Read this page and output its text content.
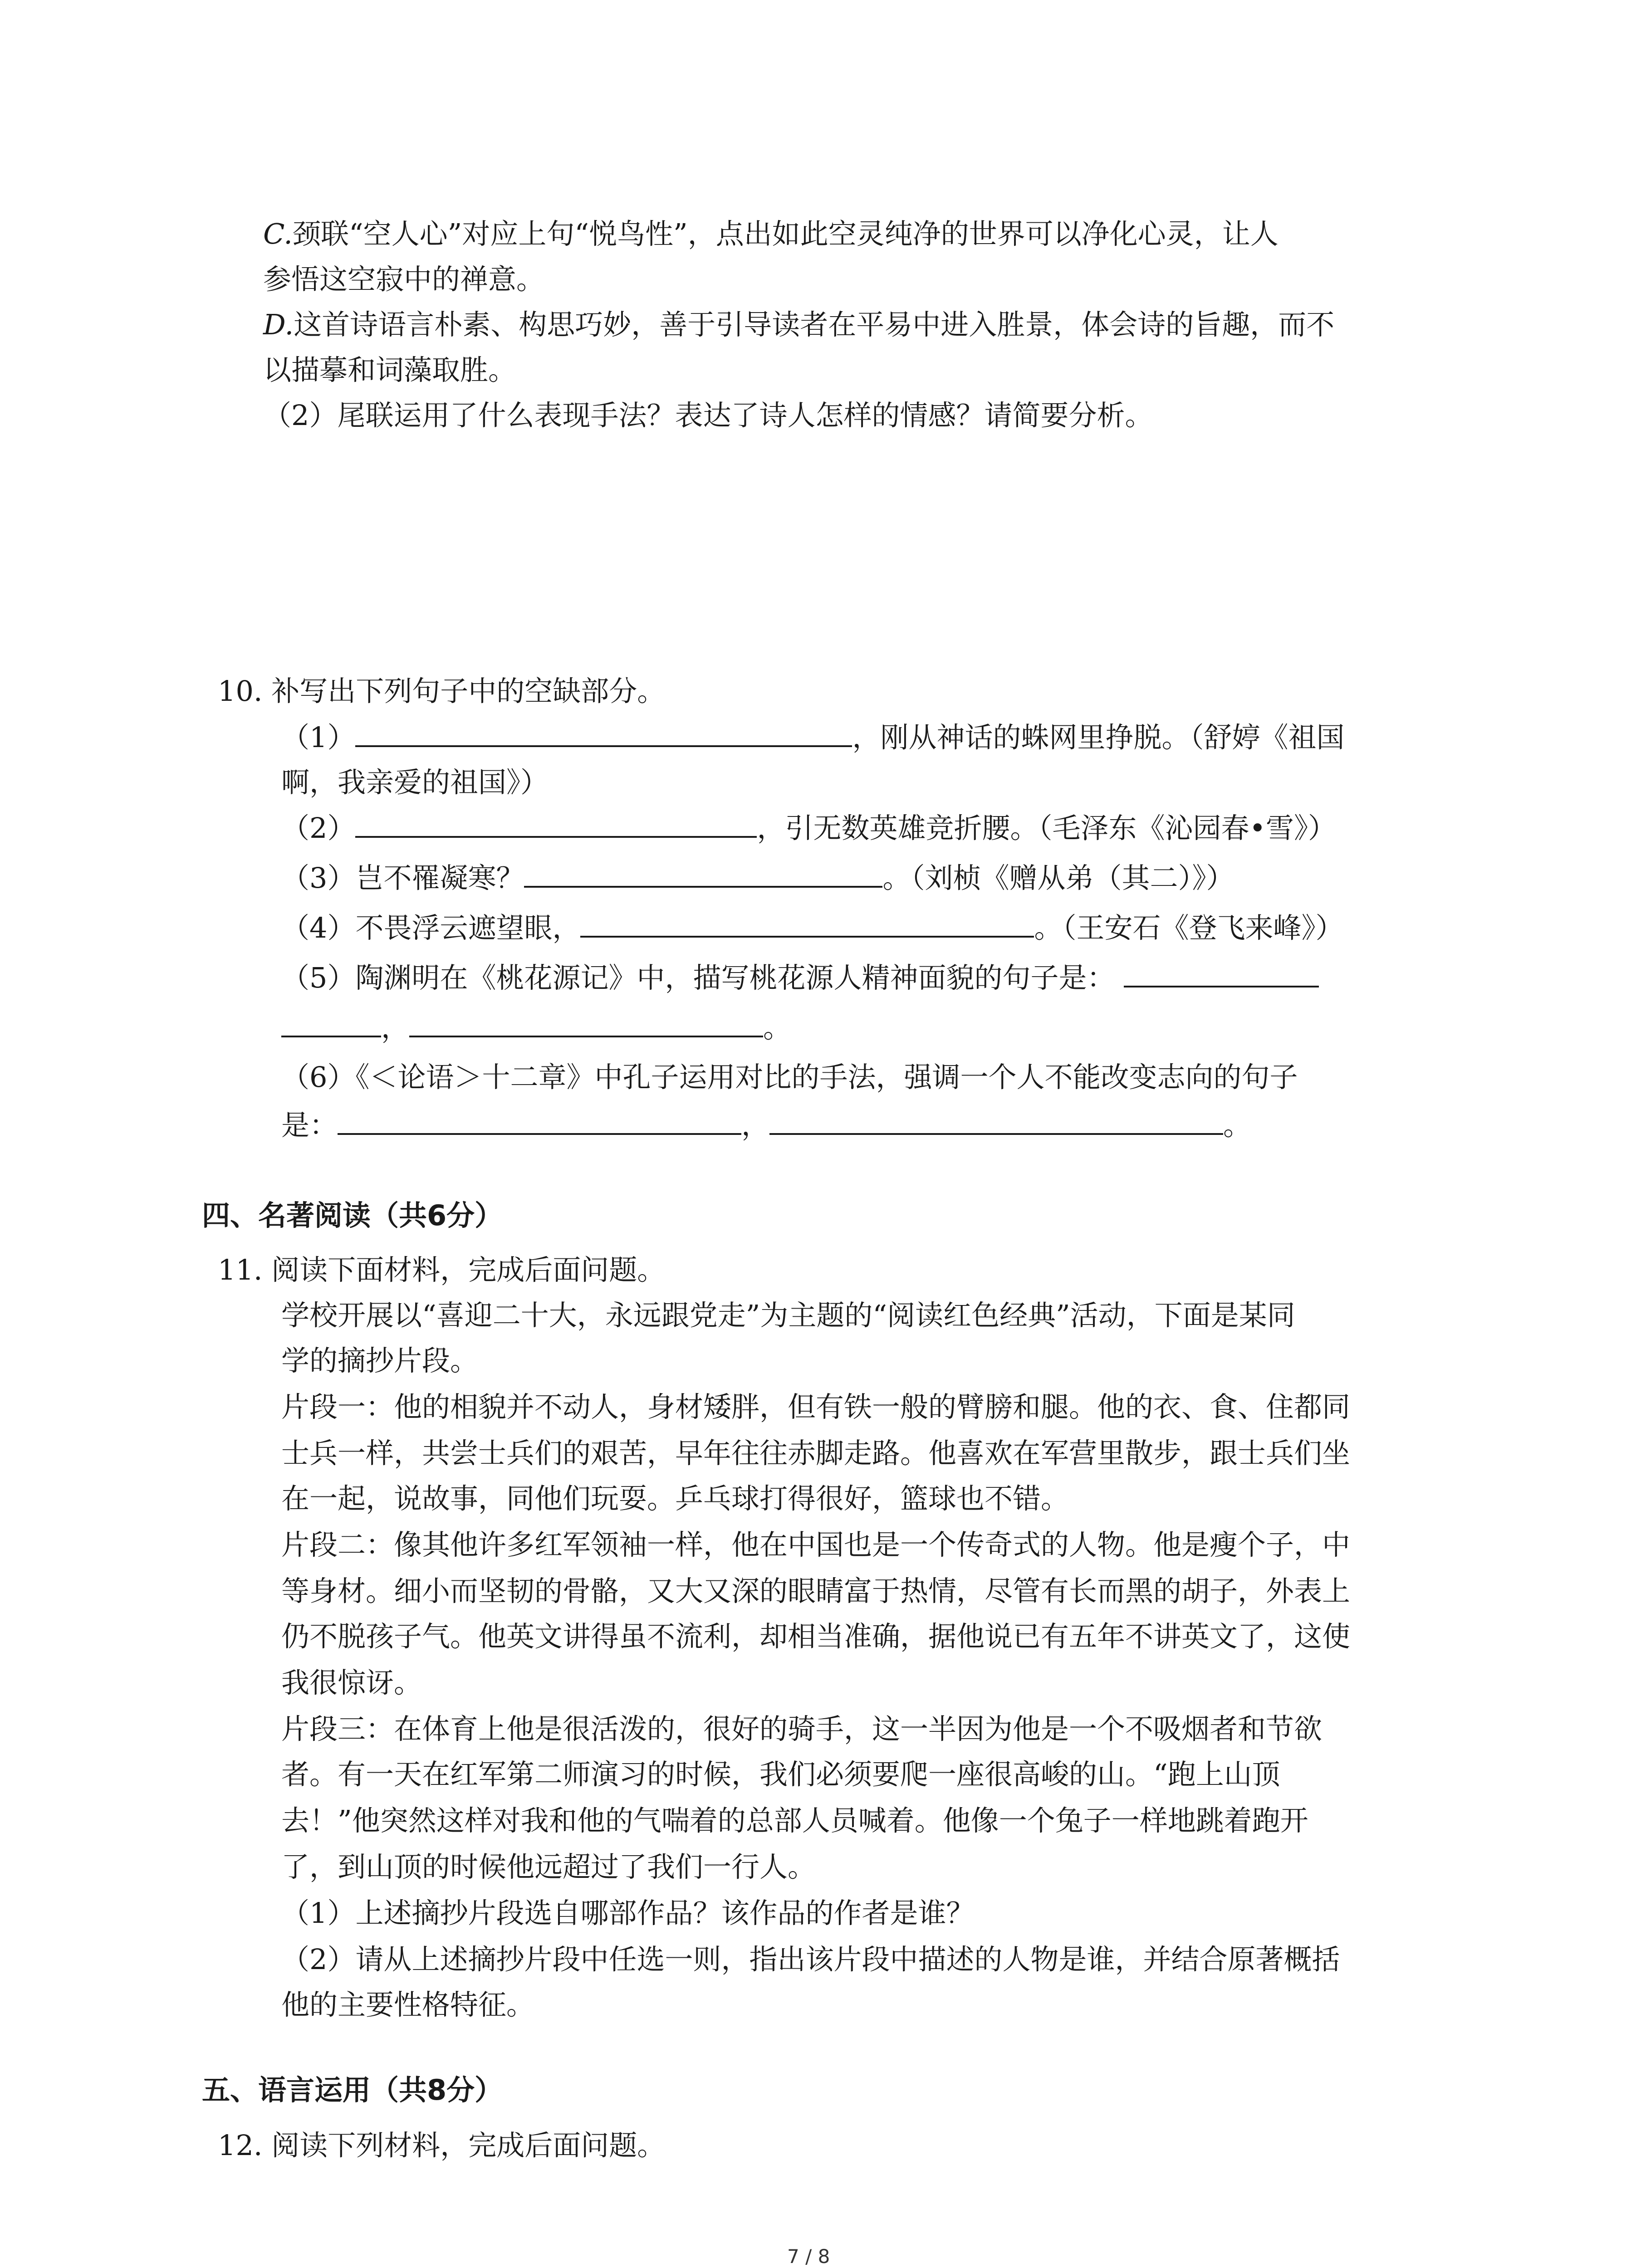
C.颈联“空人心”对应上句“悦鸟性”，点出如此空灵纯净的世界可以净化心灵，让人
参悟这空寂中的禅意。
D.这首诗语言朴素、构思巧妙，善于引导读者在平易中进入胜景，体会诗的旨趣，而不
以描摹和词藻取胜。
（2）尾联运用了什么表现手法？表达了诗人怎样的情感？请简要分析。
10. 补写出下列句子中的空缺部分。
（1）	，刚从神话的蛛网里挣脱。（舒婷《祖国
啊，我亲爱的祖国》）
（2）	，引无数英雄竞折腰。（毛泽东《沁园春•雪》）
（3）岂不罹凝寒？	。（刘桢《赠从弟（其二）》）
（4）不畏浮云遮望眼，	。（王安石《登飞来峰》）
（5）陶渊明在《桃花源记》中，描写桃花源人精神面貌的句子是：
，	。
（6）《＜论语＞十二章》中孔子运用对比的手法，强调一个人不能改变志向的句子
是：	，	。
四、名著阅读（共6分）
11. 阅读下面材料，完成后面问题。
学校开展以“喜迎二十大，永远跟党走”为主题的“阅读红色经典”活动，下面是某同
学的摘抄片段。
片段一：他的相貌并不动人，身材矮胖，但有铁一般的臂膀和腿。他的衣、食、住都同
士兵一样，共尝士兵们的艰苦，早年往往赤脚走路。他喜欢在军营里散步，跟士兵们坐
在一起，说故事，同他们玩耍。乒乓球打得很好，篮球也不错。
片段二：像其他许多红军领袖一样，他在中国也是一个传奇式的人物。他是瘦个子，中
等身材。细小而坚韧的骨骼，又大又深的眼睛富于热情，尽管有长而黑的胡子，外表上
仍不脱孩子气。他英文讲得虽不流利，却相当准确，据他说已有五年不讲英文了，这使
我很惊讶。
片段三：在体育上他是很活泼的，很好的骑手，这一半因为他是一个不吸烟者和节欲
者。有一天在红军第二师演习的时候，我们必须要爬一座很高峻的山。“跑上山顶
去！”他突然这样对我和他的气喘着的总部人员喊着。他像一个兔子一样地跳着跑开
了，到山顶的时候他远超过了我们一行人。
（1）上述摘抄片段选自哪部作品？该作品的作者是谁？
（2）请从上述摘抄片段中任选一则，指出该片段中描述的人物是谁，并结合原著概括
他的主要性格特征。
五、语言运用（共8分）
12. 阅读下列材料，完成后面问题。
7 / 8
